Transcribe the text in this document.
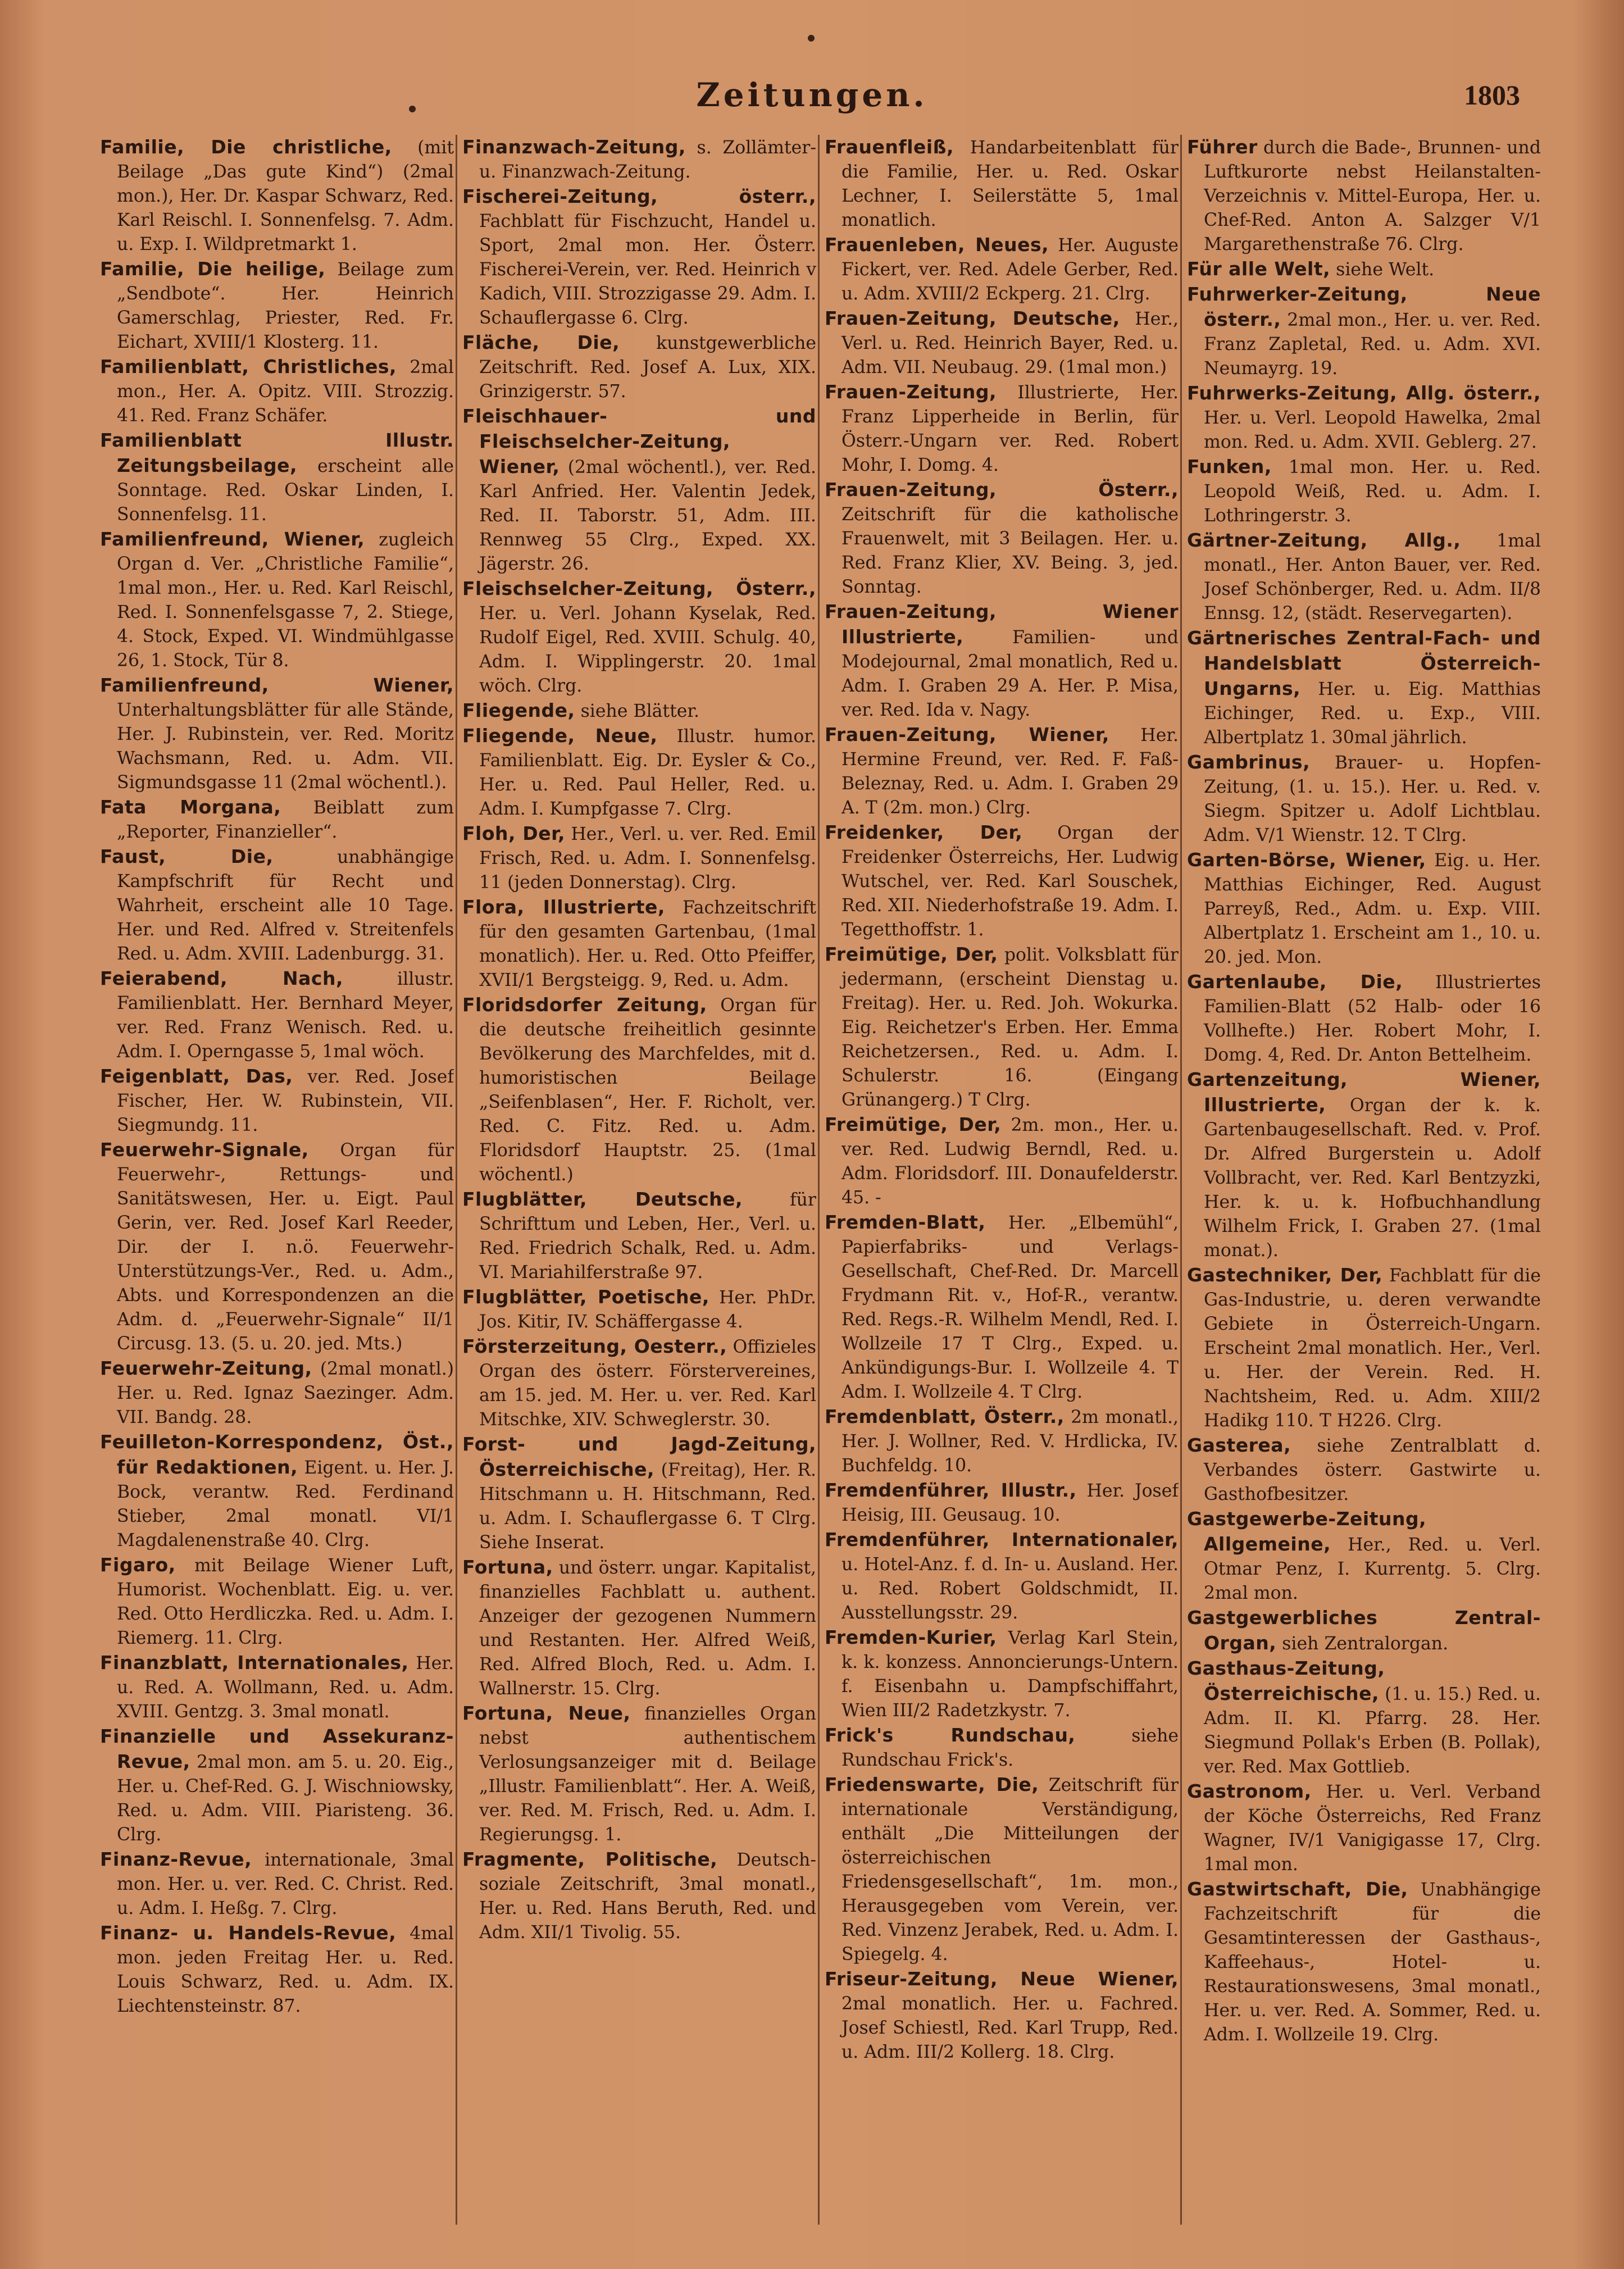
Zeitungen.	1803

Familie, Die christliche, (mit Beilage „Das gute Kind“) (2mal mon.), Her. Dr. Kaspar Schwarz, Red. Karl Reischl. I. Sonnenfelsg. 7. Adm. u. Exp. I. Wildpretmarkt 1.

Familie, Die heilige, Beilage zum „Sendbote“. Her. Heinrich Gamerschlag, Priester, Red. Fr. Eichart, XVIII/1 Klosterg. 11.

Familienblatt, Christliches, 2mal mon., Her. A. Opitz. VIII. Strozzig. 41. Red. Franz Schäfer.

Familienblatt Illustr. Zeitungsbeilage, erscheint alle Sonntage. Red. Oskar Linden, I. Sonnenfelsg. 11.

Familienfreund, Wiener, zugleich Organ d. Ver. „Christliche Familie“, 1mal mon., Her. u. Red. Karl Reischl, Red. I. Sonnenfelsgasse 7, 2. Stiege, 4. Stock, Exped. VI. Windmühlgasse 26, 1. Stock, Tür 8.

Familienfreund, Wiener, Unterhaltungsblätter für alle Stände, Her. J. Rubinstein, ver. Red. Moritz Wachsmann, Red. u. Adm. VII. Sigmundsgasse 11 (2mal wöchentl.).

Fata Morgana, Beiblatt zum „Reporter, Finanzieller“.

Faust, Die,	unabhängige Kampfschrift für Recht und Wahrheit, erscheint alle 10 Tage. Her. und Red. Alfred v. Streitenfels Red. u. Adm. XVIII. Ladenburgg. 31.

Feierabend, Nach,	illustr. Familienblatt. Her. Bernhard Meyer, ver. Red. Franz Wenisch. Red. u. Adm. I. Operngasse 5, 1mal wöch.

Feigenblatt, Das, ver. Red. Josef Fischer, Her. W. Rubinstein, VII. Siegmundg. 11.

Feuerwehr-Signale, Organ für Feuerwehr-, Rettungs- und Sanitätswesen, Her. u. Eigt. Paul Gerin, ver. Red. Josef Karl Reeder, Dir. der I. n.ö. Feuerwehr-Unterstützungs-Ver., Red. u. Adm., Abts. und Korrespondenzen an die Adm. d. „Feuerwehr-Signale“ II/1 Circusg. 13. (5. u. 20. jed. Mts.)

Feuerwehr-Zeitung, (2mal monatl.) Her. u. Red. Ignaz Saezinger. Adm. VII. Bandg. 28.

Feuilleton-Korrespondenz, Öst., für Redaktionen, Eigent. u. Her. J. Bock, verantw. Red. Ferdinand Stieber, 2mal monatl. VI/1 Magdalenenstraße 40. Clrg.

Figaro, mit Beilage Wiener Luft, Humorist. Wochenblatt. Eig. u. ver. Red. Otto Herdliczka. Red. u. Adm. I. Riemerg. 11. Clrg.

Finanzblatt, Internationales, Her. u. Red. A. Wollmann, Red. u. Adm. XVIII. Gentzg. 3. 3mal monatl.

Finanzielle und Assekuranz-Revue, 2mal mon. am 5. u. 20. Eig., Her. u. Chef-Red. G. J. Wischniowsky, Red. u. Adm. VIII. Piaristeng. 36. Clrg.

Finanz-Revue, internationale, 3mal mon. Her. u. ver. Red. C. Christ. Red. u. Adm. I. Heßg. 7. Clrg.

Finanz- u. Handels-Revue, 4mal mon. jeden Freitag Her. u. Red. Louis Schwarz, Red. u. Adm. IX. Liechtensteinstr. 87.

Finanzwach-Zeitung, s. Zollämter- u. Finanzwach-Zeitung.

Fischerei-Zeitung, österr., Fachblatt für Fischzucht, Handel u. Sport, 2mal mon. Her. Österr. Fischerei-Verein, ver. Red. Heinrich v Kadich, VIII. Strozzigasse 29. Adm. I. Schauflergasse 6. Clrg.

Fläche, Die, kunstgewerbliche Zeitschrift. Red. Josef A. Lux, XIX. Grinzigerstr. 57.

Fleischhauer- und Fleischselcher-Zeitung, Wiener, (2mal wöchentl.), ver. Red. Karl Anfried. Her. Valentin Jedek, Red. II. Taborstr. 51, Adm. III. Rennweg 55 Clrg., Exped. XX. Jägerstr. 26.

Fleischselcher-Zeitung, Österr., Her. u. Verl. Johann Kyselak, Red. Rudolf Eigel, Red. XVIII. Schulg. 40, Adm. I. Wipplingerstr. 20. 1mal wöch. Clrg.

Fliegende, siehe Blätter.

Fliegende, Neue, Illustr. humor. Familienblatt. Eig. Dr. Eysler & Co., Her. u. Red. Paul Heller, Red. u. Adm. I. Kumpfgasse 7. Clrg.

Floh, Der, Her., Verl. u. ver. Red. Emil Frisch, Red. u. Adm. I. Sonnenfelsg. 11 (jeden Donnerstag). Clrg.

Flora, Illustrierte, Fachzeitschrift für den gesamten Gartenbau, (1mal monatlich). Her. u. Red. Otto Pfeiffer, XVII/1 Bergsteigg. 9, Red. u. Adm.

Floridsdorfer Zeitung, Organ für die deutsche freiheitlich gesinnte Bevölkerung des Marchfeldes, mit d. humoristischen Beilage „Seifenblasen“, Her. F. Richolt, ver. Red. C. Fitz. Red. u. Adm. Floridsdorf Hauptstr. 25. (1mal wöchentl.)

Flugblätter, Deutsche,	für Schrifttum und Leben, Her., Verl. u. Red. Friedrich Schalk, Red. u. Adm. VI. Mariahilferstraße 97.

Flugblätter, Poetische, Her. PhDr. Jos. Kitir, IV. Schäffergasse 4.

Försterzeitung, Oesterr., Offizieles Organ des österr. Förstervereines, am 15. jed. M. Her. u. ver. Red. Karl Mitschke, XIV. Schweglerstr. 30.

Forst- und Jagd-Zeitung, Österreichische, (Freitag), Her. R. Hitschmann u. H. Hitschmann, Red. u. Adm. I. Schauflergasse 6. T Clrg. Siehe Inserat.

Fortuna, und österr. ungar. Kapitalist, finanzielles Fachblatt u. authent. Anzeiger der gezogenen Nummern und Restanten. Her. Alfred Weiß, Red. Alfred Bloch, Red. u. Adm. I. Wallnerstr. 15. Clrg.

Fortuna, Neue, finanzielles Organ nebst authentischem Verlosungsanzeiger mit d. Beilage „Illustr. Familienblatt“. Her. A. Weiß, ver. Red. M. Frisch, Red. u. Adm. I. Regierungsg. 1.

Fragmente, Politische, Deutsch-soziale Zeitschrift, 3mal monatl., Her. u. Red. Hans Beruth, Red. und Adm. XII/1 Tivolig. 55.

Frauenfleiß, Handarbeitenblatt für die Familie, Her. u. Red. Oskar Lechner, I. Seilerstätte 5, 1mal monatlich.

Frauenleben, Neues, Her. Auguste Fickert, ver. Red. Adele Gerber, Red. u. Adm. XVIII/2 Eckperg. 21. Clrg.

Frauen-Zeitung, Deutsche, Her., Verl. u. Red. Heinrich Bayer, Red. u. Adm. VII. Neubaug. 29. (1mal mon.)

Frauen-Zeitung, Illustrierte, Her. Franz Lipperheide in Berlin, für Österr.-Ungarn ver. Red. Robert Mohr, I. Domg. 4.

Frauen-Zeitung, Österr., Zeitschrift für die katholische Frauenwelt, mit 3 Beilagen. Her. u. Red. Franz Klier, XV. Being. 3, jed. Sonntag.

Frauen-Zeitung, Wiener Illustrierte,	Familien- und Modejournal, 2mal monatlich, Red u. Adm. I. Graben 29 A. Her. P. Misa, ver. Red. Ida v. Nagy.

Frauen-Zeitung, Wiener, Her. Hermine Freund, ver. Red. F. Faß-Beleznay, Red. u. Adm. I. Graben 29 A. T (2m. mon.) Clrg.

Freidenker, Der, Organ der Freidenker Österreichs, Her. Ludwig Wutschel, ver. Red. Karl Souschek, Red. XII. Niederhofstraße 19. Adm. I. Tegetthoffstr. 1.

Freimütige, Der, polit. Volksblatt für jedermann, (erscheint Dienstag u. Freitag). Her. u. Red. Joh. Wokurka. Eig. Reichetzer's Erben. Her. Emma Reichetzersen., Red. u. Adm. I. Schulerstr. 16. (Eingang Grünangerg.) T Clrg.

Freimütige, Der, 2m. mon., Her. u. ver. Red. Ludwig Berndl, Red. u. Adm. Floridsdorf. III. Donaufelderstr. 45. -

Fremden-Blatt, Her. „Elbemühl“, Papierfabriks- und Verlags-Gesellschaft, Chef-Red. Dr. Marcell Frydmann Rit. v., Hof-R., verantw. Red. Regs.-R. Wilhelm Mendl, Red. I. Wollzeile 17 T Clrg., Exped. u. Ankündigungs-Bur. I. Wollzeile 4. T Adm. I. Wollzeile 4. T Clrg.

Fremdenblatt, Österr., 2m monatl., Her. J. Wollner, Red. V. Hrdlicka, IV. Buchfeldg. 10.

Fremdenführer, Illustr., Her. Josef Heisig, III. Geusaug. 10.

Fremdenführer, Internationaler, u. Hotel-Anz. f. d. In- u. Ausland. Her. u. Red. Robert Goldschmidt, II. Ausstellungsstr. 29.

Fremden-Kurier, Verlag Karl Stein, k. k. konzess. Annoncierungs-Untern. f. Eisenbahn u. Dampfschiffahrt, Wien III/2 Radetzkystr. 7.

Frick's Rundschau,	siehe Rundschau Frick's.

Friedenswarte, Die, Zeitschrift für internationale Verständigung, enthält „Die Mitteilungen der österreichischen Friedensgesellschaft“, 1m. mon., Herausgegeben vom Verein, ver. Red. Vinzenz Jerabek, Red. u. Adm. I. Spiegelg. 4.

Friseur-Zeitung, Neue Wiener, 2mal monatlich. Her. u. Fachred. Josef Schiestl, Red. Karl Trupp, Red. u. Adm. III/2 Kollerg. 18. Clrg.

Führer durch die Bade-, Brunnen- und Luftkurorte nebst Heilanstalten-Verzeichnis v. Mittel-Europa, Her. u. Chef-Red. Anton A. Salzger V/1 Margarethenstraße 76. Clrg.

Für alle Welt, siehe Welt.

Fuhrwerker-Zeitung, Neue österr., 2mal mon., Her. u. ver. Red. Franz Zapletal, Red. u. Adm. XVI. Neumayrg. 19.

Fuhrwerks-Zeitung, Allg. österr., Her. u. Verl. Leopold Hawelka, 2mal mon. Red. u. Adm. XVII. Geblerg. 27.

Funken, 1mal mon. Her. u. Red. Leopold Weiß, Red. u. Adm. I. Lothringerstr. 3.

Gärtner-Zeitung, Allg., 1mal monatl., Her. Anton Bauer, ver. Red. Josef Schönberger, Red. u. Adm. II/8 Ennsg. 12, (städt. Reservegarten).

Gärtnerisches Zentral-Fach- und Handelsblatt Österreich-Ungarns, Her. u. Eig. Matthias Eichinger, Red. u. Exp., VIII. Albertplatz 1. 30mal jährlich.

Gambrinus, Brauer- u. Hopfen-Zeitung, (1. u. 15.). Her. u. Red. v. Siegm. Spitzer u. Adolf Lichtblau. Adm. V/1 Wienstr. 12. T Clrg.

Garten-Börse, Wiener, Eig. u. Her. Matthias Eichinger, Red. August Parreyß, Red., Adm. u. Exp. VIII. Albertplatz 1. Erscheint am 1., 10. u. 20. jed. Mon.

Gartenlaube, Die, Illustriertes Familien-Blatt (52 Halb- oder 16 Vollhefte.) Her. Robert Mohr, I. Domg. 4, Red. Dr. Anton Bettelheim.

Gartenzeitung, Wiener, Illustrierte, Organ der k. k. Gartenbaugesellschaft. Red. v. Prof. Dr. Alfred Burgerstein u. Adolf Vollbracht, ver. Red. Karl Bentzyzki, Her. k. u. k. Hofbuchhandlung Wilhelm Frick, I. Graben 27. (1mal monat.).

Gastechniker, Der, Fachblatt für die Gas-Industrie, u. deren verwandte Gebiete in Österreich-Ungarn. Erscheint 2mal monatlich. Her., Verl. u. Her. der Verein. Red. H. Nachtsheim, Red. u. Adm. XIII/2 Hadikg 110. T H226. Clrg.

Gasterea, siehe Zentralblatt d. Verbandes österr. Gastwirte u. Gasthofbesitzer.

Gastgewerbe-Zeitung, Allgemeine, Her., Red. u. Verl. Otmar Penz, I. Kurrentg. 5. Clrg. 2mal mon.

Gastgewerbliches Zentral-Organ, sieh Zentralorgan.

Gasthaus-Zeitung, Österreichische, (1. u. 15.) Red. u. Adm. II. Kl. Pfarrg. 28. Her. Siegmund Pollak's Erben (B. Pollak), ver. Red. Max Gottlieb.

Gastronom, Her. u. Verl. Verband der Köche Österreichs, Red Franz Wagner, IV/1 Vanigigasse 17, Clrg. 1mal mon.

Gastwirtschaft, Die, Unabhängige Fachzeitschrift für die Gesamtinteressen der Gasthaus-, Kaffeehaus-, Hotel- u. Restaurationswesens, 3mal monatl., Her. u. ver. Red. A. Sommer, Red. u. Adm. I. Wollzeile 19. Clrg.
